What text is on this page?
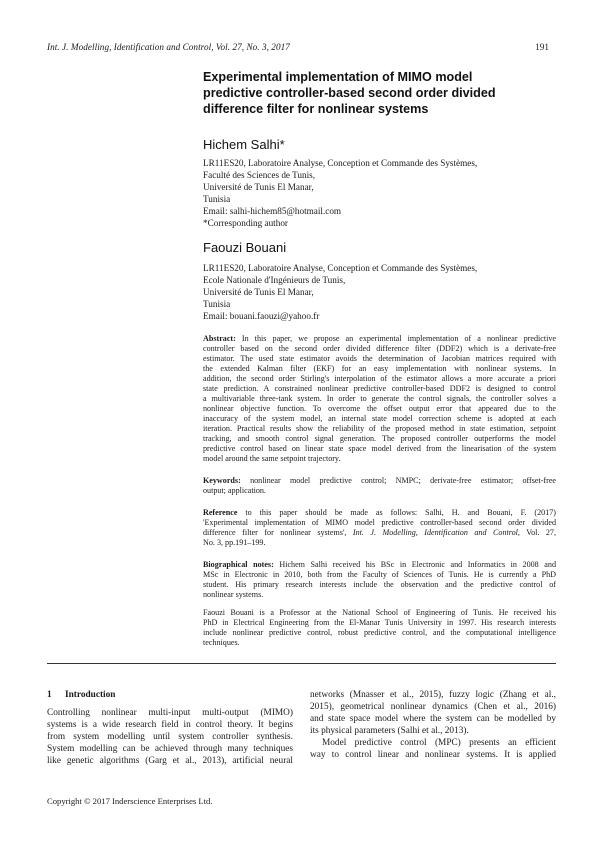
Int. J. Modelling, Identification and Control, Vol. 27, No. 3, 2017	191
Experimental implementation of MIMO model
predictive controller-based second order divided
difference filter for nonlinear systems
Hichem Salhi*
LR11ES20, Laboratoire Analyse, Conception et Commande des Systèmes,
Faculté des Sciences de Tunis,
Université de Tunis El Manar,
Tunisia
Email: salhi-hichem85@hotmail.com
*Corresponding author
Faouzi Bouani
LR11ES20, Laboratoire Analyse, Conception et Commande des Systèmes,
Ecole Nationale d'Ingénieurs de Tunis,
Université de Tunis El Manar,
Tunisia
Email: bouani.faouzi@yahoo.fr
Abstract: In this paper, we propose an experimental implementation of a nonlinear predictive
controller based on the second order divided difference filter (DDF2) which is a derivate-free
estimator. The used state estimator avoids the determination of Jacobian matrices required with
the extended Kalman filter (EKF) for an easy implementation with nonlinear systems. In
addition, the second order Stirling's interpolation of the estimator allows a more accurate a priori
state prediction. A constrained nonlinear predictive controller-based DDF2 is designed to control
a multivariable three-tank system. In order to generate the control signals, the controller solves a
nonlinear objective function. To overcome the offset output error that appeared due to the
inaccuracy of the system model, an internal state model correction scheme is adopted at each
iteration. Practical results show the reliability of the proposed method in state estimation, setpoint
tracking, and smooth control signal generation. The proposed controller outperforms the model
predictive control based on linear state space model derived from the linearisation of the system
model around the same setpoint trajectory.
Keywords: nonlinear model predictive control; NMPC; derivate-free estimator; offset-free
output; application.
Reference to this paper should be made as follows: Salhi, H. and Bouani, F. (2017)
'Experimental implementation of MIMO model predictive controller-based second order divided
difference filter for nonlinear systems', Int. J. Modelling, Identification and Control, Vol. 27,
No. 3, pp.191–199.
Biographical notes: Hichem Salhi received his BSc in Electronic and Informatics in 2008 and
MSc in Electronic in 2010, both from the Faculty of Sciences of Tunis. He is currently a PhD
student. His primary research interests include the observation and the predictive control of
nonlinear systems.
Faouzi Bouani is a Professor at the National School of Engineering of Tunis. He received his
PhD in Electrical Engineering from the El-Manar Tunis University in 1997. His research interests
include nonlinear predictive control, robust predictive control, and the computational intelligence
techniques.
1 Introduction
Controlling nonlinear multi-input multi-output (MIMO)
systems is a wide research field in control theory. It begins
from system modelling until system controller synthesis.
System modelling can be achieved through many techniques
like genetic algorithms (Garg et al., 2013), artificial neural
networks (Mnasser et al., 2015), fuzzy logic (Zhang et al.,
2015), geometrical nonlinear dynamics (Chen et al., 2016)
and state space model where the system can be modelled by
its physical parameters (Salhi et al., 2013).
Model predictive control (MPC) presents an efficient
way to control linear and nonlinear systems. It is applied
Copyright © 2017 Inderscience Enterprises Ltd.
